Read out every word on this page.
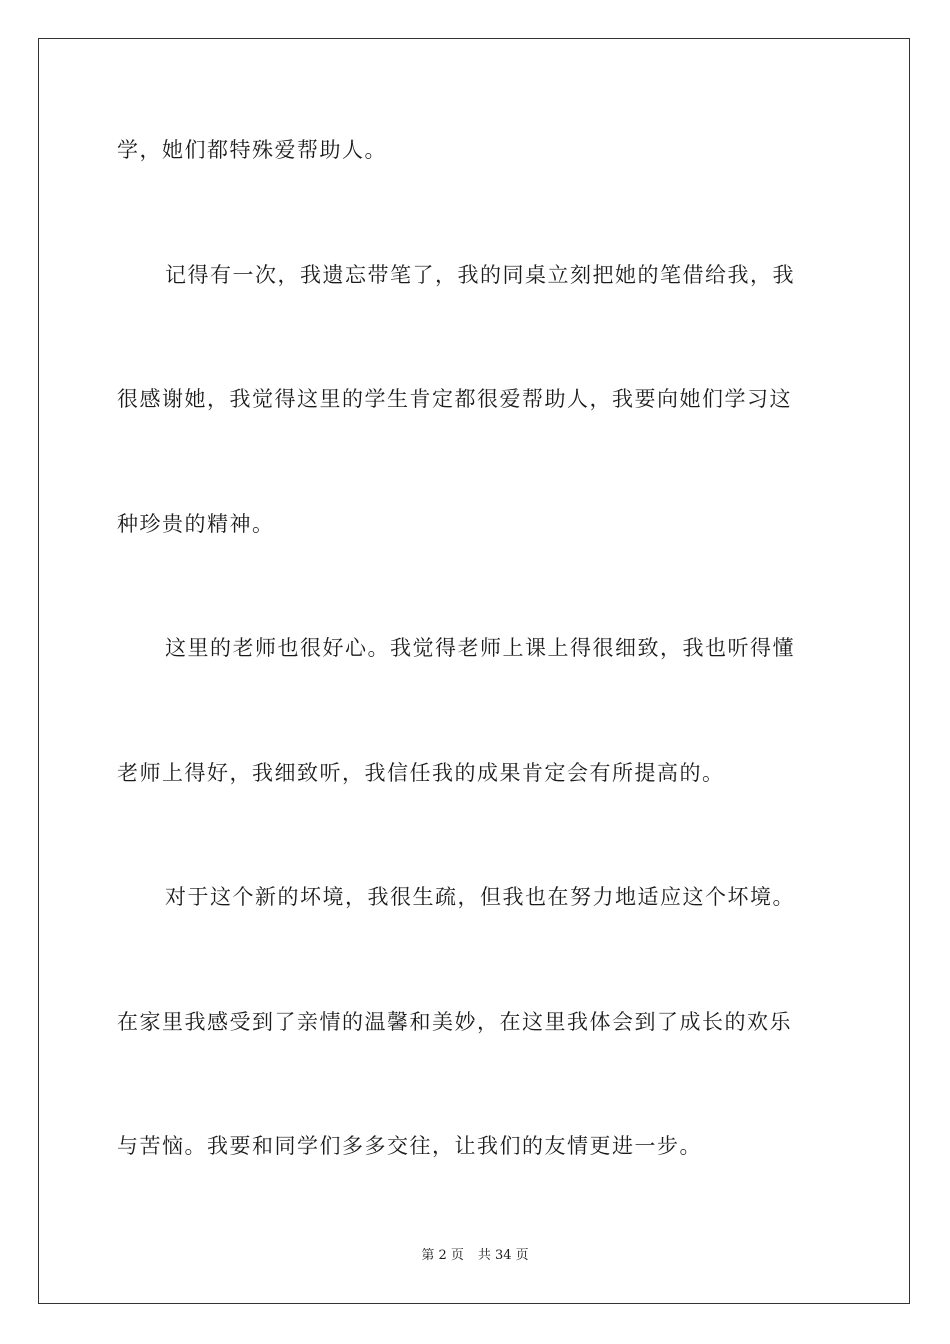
学，她们都特殊爱帮助人。
记得有一次，我遗忘带笔了，我的同桌立刻把她的笔借给我，我
很感谢她，我觉得这里的学生肯定都很爱帮助人，我要向她们学习这
种珍贵的精神。
这里的老师也很好心。我觉得老师上课上得很细致，我也听得懂
老师上得好，我细致听，我信任我的成果肯定会有所提高的。
对于这个新的坏境，我很生疏，但我也在努力地适应这个坏境。
在家里我感受到了亲情的温馨和美妙，在这里我体会到了成长的欢乐
与苦恼。我要和同学们多多交往，让我们的友情更进一步。
第 2 页 共 34 页
